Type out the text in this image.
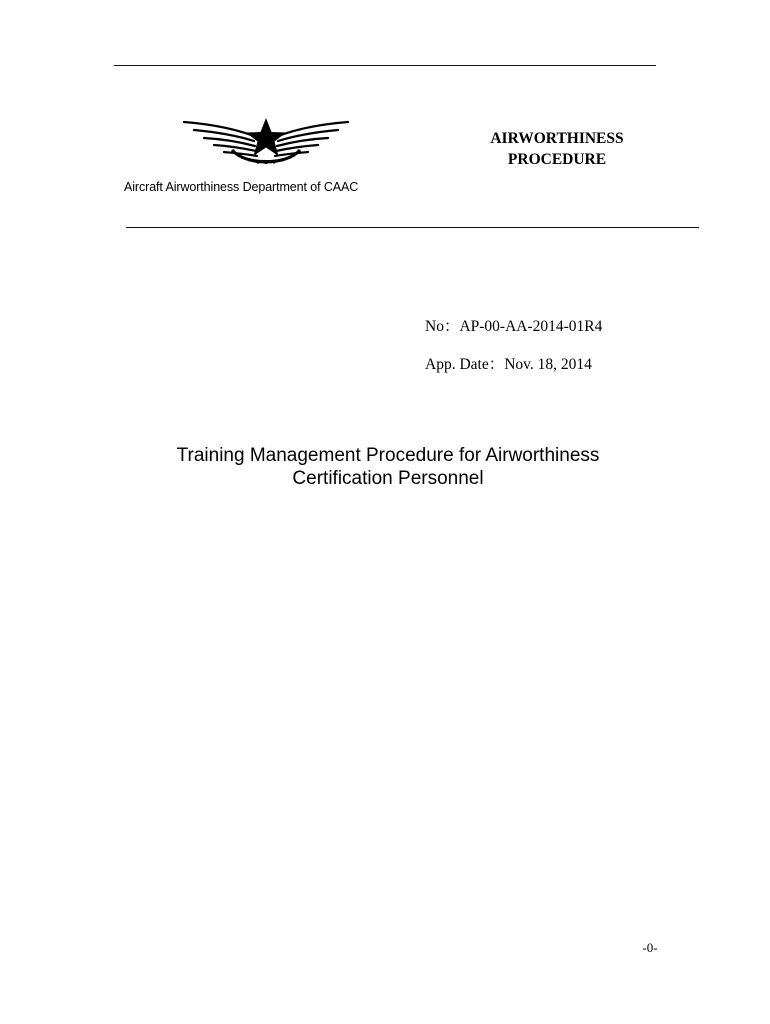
AIRWORTHINESS
PROCEDURE
Aircraft Airworthiness Department of CAAC
No：AP-00-AA-2014-01R4
App. Date：Nov. 18, 2014
Training Management Procedure for Airworthiness
Certification Personnel
-0-
